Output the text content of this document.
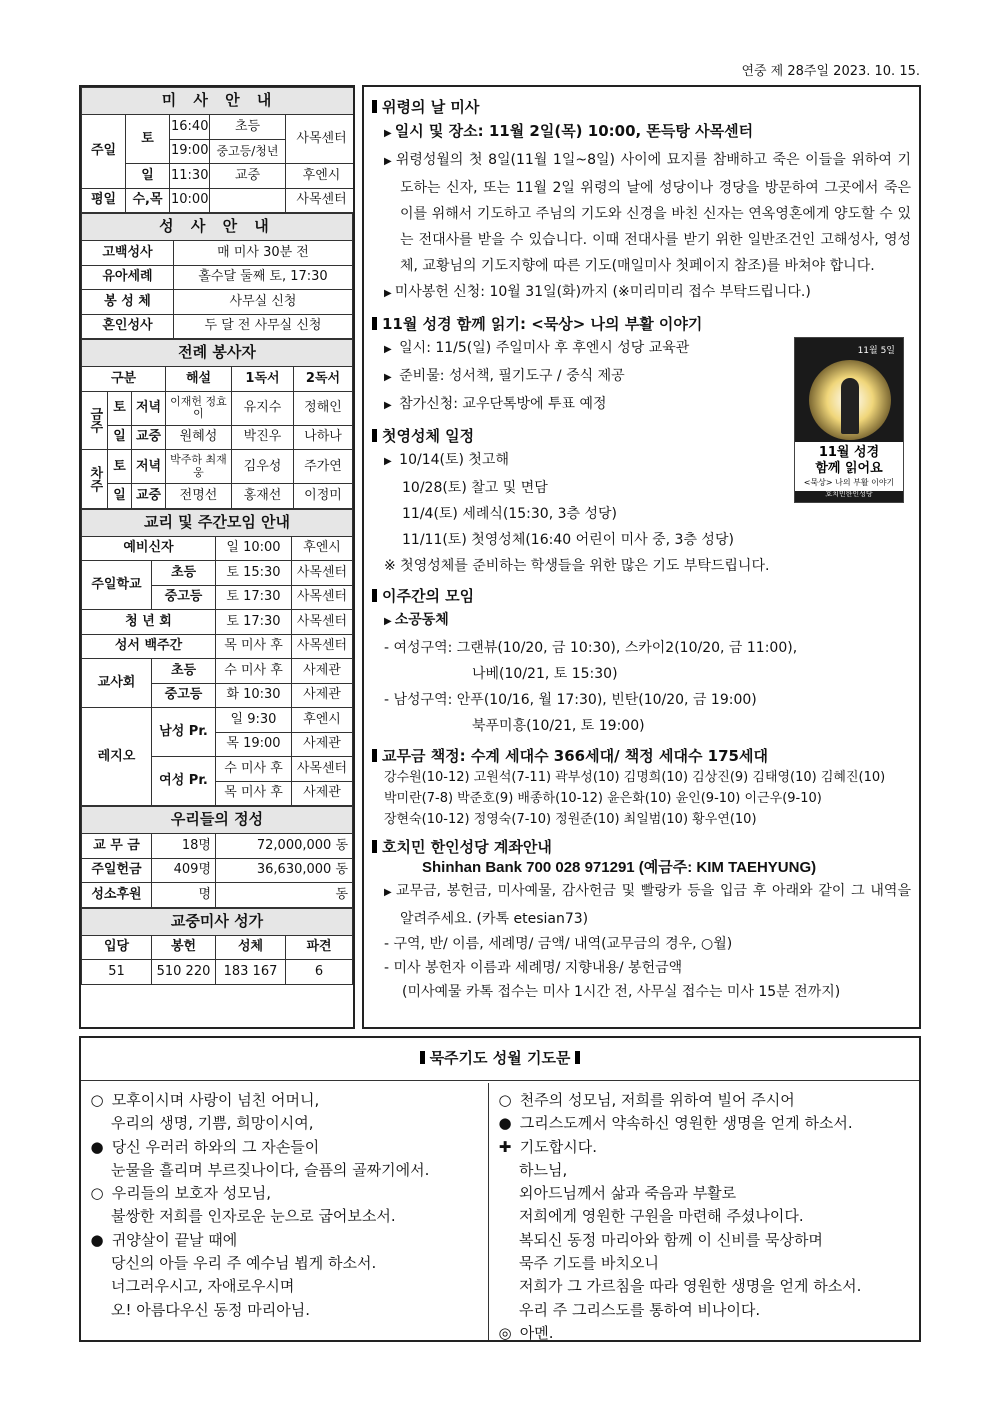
연중 제 28주일 2023. 10. 15.
미 사 안 내				
주일	토	16:40	초등	사목센터
		19:00	중고등/청년	
	일	11:30	교중	후엔시
평일	수,목	10:00		사목센터
성 사 안 내	
고백성사	매 미사 30분 전
유아세례	홀수달 둘째 토, 17:30
봉 성 체	사무실 신청
혼인성사	두 달 전 사무실 신청
전례 봉사자					
구분			해설	1독서	2독서
금주	토	저녁	이재헌 정효이	유지수	정해인
	일	교중	원혜성	박진우	나하나
차주	토	저녁	박주하 최재웅	김우성	주가연
	일	교중	전명선	홍재선	이정미
교리 및 주간모임 안내			
예비신자		일 10:00	후엔시
주일학교	초등	토 15:30	사목센터
	중고등	토 17:30	사목센터
청 년 회		토 17:30	사목센터
성서 백주간		목 미사 후	사목센터
교사회	초등	수 미사 후	사제관
	중고등	화 10:30	사제관
레지오	남성 Pr.	일 9:30	후엔시
		목 19:00	사제관
	여성 Pr.	수 미사 후	사목센터
		목 미사 후	사제관
우리들의 정성		
교 무 금	18명	72,000,000 동
주일헌금	409명	36,630,000 동
성소후원	명	동
교중미사 성가			
입당	봉헌	성체	파견
51	510 220	183 167	6
위령의 날 미사
▶ 일시 및 장소: 11월 2일(목) 10:00, 똔득탕 사목센터
▶ 위령성월의 첫 8일(11월 1일~8일) 사이에 묘지를 참배하고 죽은 이들을 위하여 기도하는 신자, 또는 11월 2일 위령의 날에 성당이나 경당을 방문하여 그곳에서 죽은 이를 위해서 기도하고 주님의 기도와 신경을 바친 신자는 연옥영혼에게 양도할 수 있는 전대사를 받을 수 있습니다. 이때 전대사를 받기 위한 일반조건인 고해성사, 영성체, 교황님의 기도지향에 따른 기도(매일미사 첫페이지 참조)를 바쳐야 합니다.
▶ 미사봉헌 신청: 10월 31일(화)까지 (※미리미리 접수 부탁드립니다.)
11월 성경 함께 읽기: <묵상> 나의 부활 이야기
▶ 일시: 11/5(일) 주일미사 후 후엔시 성당 교육관
▶ 준비물: 성서책, 필기도구 / 중식 제공
▶ 참가신청: 교우단톡방에 투표 예정
11월 5일
11월 성경
함께 읽어요
<묵상> 나의 부활 이야기
호치민한인성당
첫영성체 일정
▶ 10/14(토) 첫고해
10/28(토) 찰고 및 면담
11/4(토) 세례식(15:30, 3층 성당)
11/11(토) 첫영성체(16:40 어린이 미사 중, 3층 성당)
※ 첫영성체를 준비하는 학생들을 위한 많은 기도 부탁드립니다.
이주간의 모임
▶ 소공동체
- 여성구역: 그랜뷰(10/20, 금 10:30), 스카이2(10/20, 금 11:00),
나베(10/21, 토 15:30)
- 남성구역: 안푸(10/16, 월 17:30), 빈탄(10/20, 금 19:00)
북푸미흥(10/21, 토 19:00)
교무금 책정: 수계 세대수 366세대/ 책정 세대수 175세대
강수원(10-12) 고원석(7-11) 곽부성(10) 김명희(10) 김상진(9) 김태영(10) 김혜진(10)
박미란(7-8) 박준호(9) 배종하(10-12) 윤은화(10) 윤인(9-10) 이근우(9-10)
장현숙(10-12) 정영숙(7-10) 정원준(10) 최일범(10) 황우연(10)
호치민 한인성당 계좌안내
Shinhan Bank 700 028 971291 (예금주: KIM TAEHYUNG)
▶ 교무금, 봉헌금, 미사예물, 감사헌금 및 빨랑카 등을 입금 후 아래와 같이 그 내역을 알려주세요. (카톡 etesian73)
- 구역, 반/ 이름, 세례명/ 금액/ 내역(교무금의 경우, ○월)
- 미사 봉헌자 이름과 세례명/ 지향내용/ 봉헌금액
(미사예물 카톡 접수는 미사 1시간 전, 사무실 접수는 미사 15분 전까지)
묵주기도 성월 기도문
○ 모후이시며 사랑이 넘친 어머니,
우리의 생명, 기쁨, 희망이시여,
● 당신 우러러 하와의 그 자손들이
눈물을 흘리며 부르짖나이다, 슬픔의 골짜기에서.
○ 우리들의 보호자 성모님,
불쌍한 저희를 인자로운 눈으로 굽어보소서.
● 귀양살이 끝날 때에
당신의 아들 우리 주 예수님 뵙게 하소서.
너그러우시고, 자애로우시며
오! 아름다우신 동정 마리아님.
○ 천주의 성모님, 저희를 위하여 빌어 주시어
● 그리스도께서 약속하신 영원한 생명을 얻게 하소서.
✚ 기도합시다.
하느님,
외아드님께서 삶과 죽음과 부활로
저희에게 영원한 구원을 마련해 주셨나이다.
복되신 동정 마리아와 함께 이 신비를 묵상하며
묵주 기도를 바치오니
저희가 그 가르침을 따라 영원한 생명을 얻게 하소서.
우리 주 그리스도를 통하여 비나이다.
◎ 아멘.
